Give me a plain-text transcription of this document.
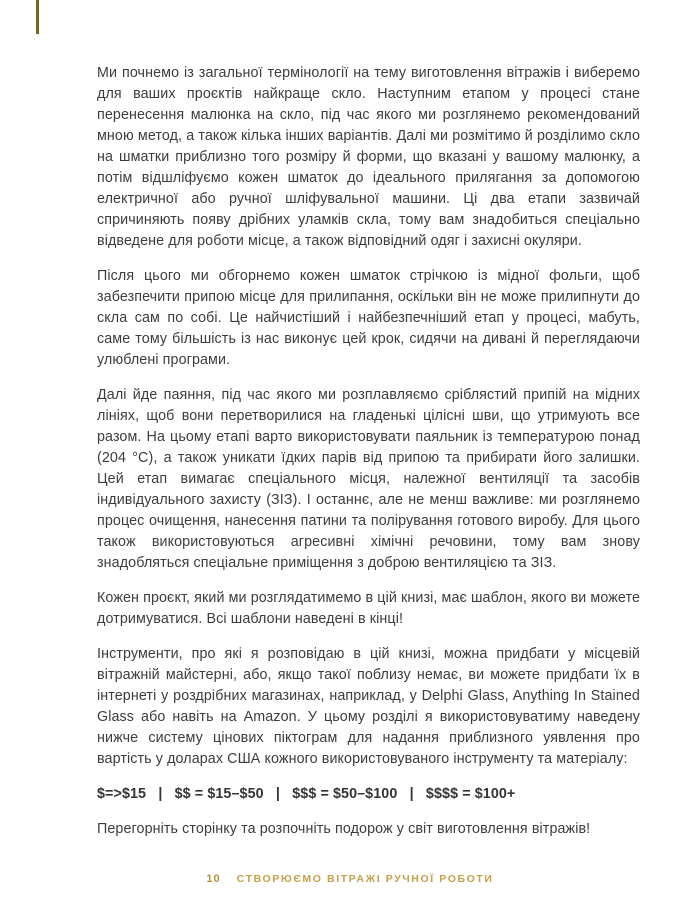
Ми почнемо із загальної термінології на тему виготовлення вітражів і виберемо для ваших проєктів найкраще скло. Наступним етапом у процесі стане перенесення малюнка на скло, під час якого ми розглянемо рекомендований мною метод, а також кілька інших варіантів. Далі ми розмітимо й розділимо скло на шматки приблизно того розміру й форми, що вказані у вашому малюнку, а потім відшліфуємо кожен шматок до ідеального прилягання за допомогою електричної або ручної шліфувальної машини. Ці два етапи зазвичай спричиняють появу дрібних уламків скла, тому вам знадобиться спеціально відведене для роботи місце, а також відповідний одяг і захисні окуляри.

Після цього ми обгорнемо кожен шматок стрічкою із мідної фольги, щоб забезпечити припою місце для прилипання, оскільки він не може прилипнути до скла сам по собі. Це найчистіший і найбезпечніший етап у процесі, мабуть, саме тому більшість із нас виконує цей крок, сидячи на дивані й переглядаючи улюблені програми.

Далі йде паяння, під час якого ми розплавляємо сріблястий припій на мідних лініях, щоб вони перетворилися на гладенькі цілісні шви, що утримують все разом. На цьому етапі варто використовувати паяльник із температурою понад (204 °C), а також уникати їдких парів від припою та прибирати його залишки. Цей етап вимагає спеціального місця, належної вентиляції та засобів індивідуального захисту (ЗІЗ). І останнє, але не менш важливе: ми розглянемо процес очищення, нанесення патини та полірування готового виробу. Для цього також використовуються агресивні хімічні речовини, тому вам знову знадобляться спеціальне приміщення з доброю вентиляцією та ЗІЗ.

Кожен проєкт, який ми розглядатимемо в цій книзі, має шаблон, якого ви можете дотримуватися. Всі шаблони наведені в кінці!

Інструменти, про які я розповідаю в цій книзі, можна придбати у місцевій вітражній майстерні, або, якщо такої поблизу немає, ви можете придбати їх в інтернеті у роздрібних магазинах, наприклад, у Delphi Glass, Anything In Stained Glass або навіть на Amazon. У цьому розділі я використовуватиму наведену нижче систему цінових піктограм для надання приблизного уявлення про вартість у доларах США кожного використовуваного інструменту та матеріалу:

$=>$15   |   $$ = $15–$50   |   $$$ = $50–$100   |   $$$$ = $100+

Перегорніть сторінку та розпочніть подорож у світ виготовлення вітражів!

10 СТВОРЮЄМО ВІТРАЖІ РУЧНОЇ РОБОТИ
